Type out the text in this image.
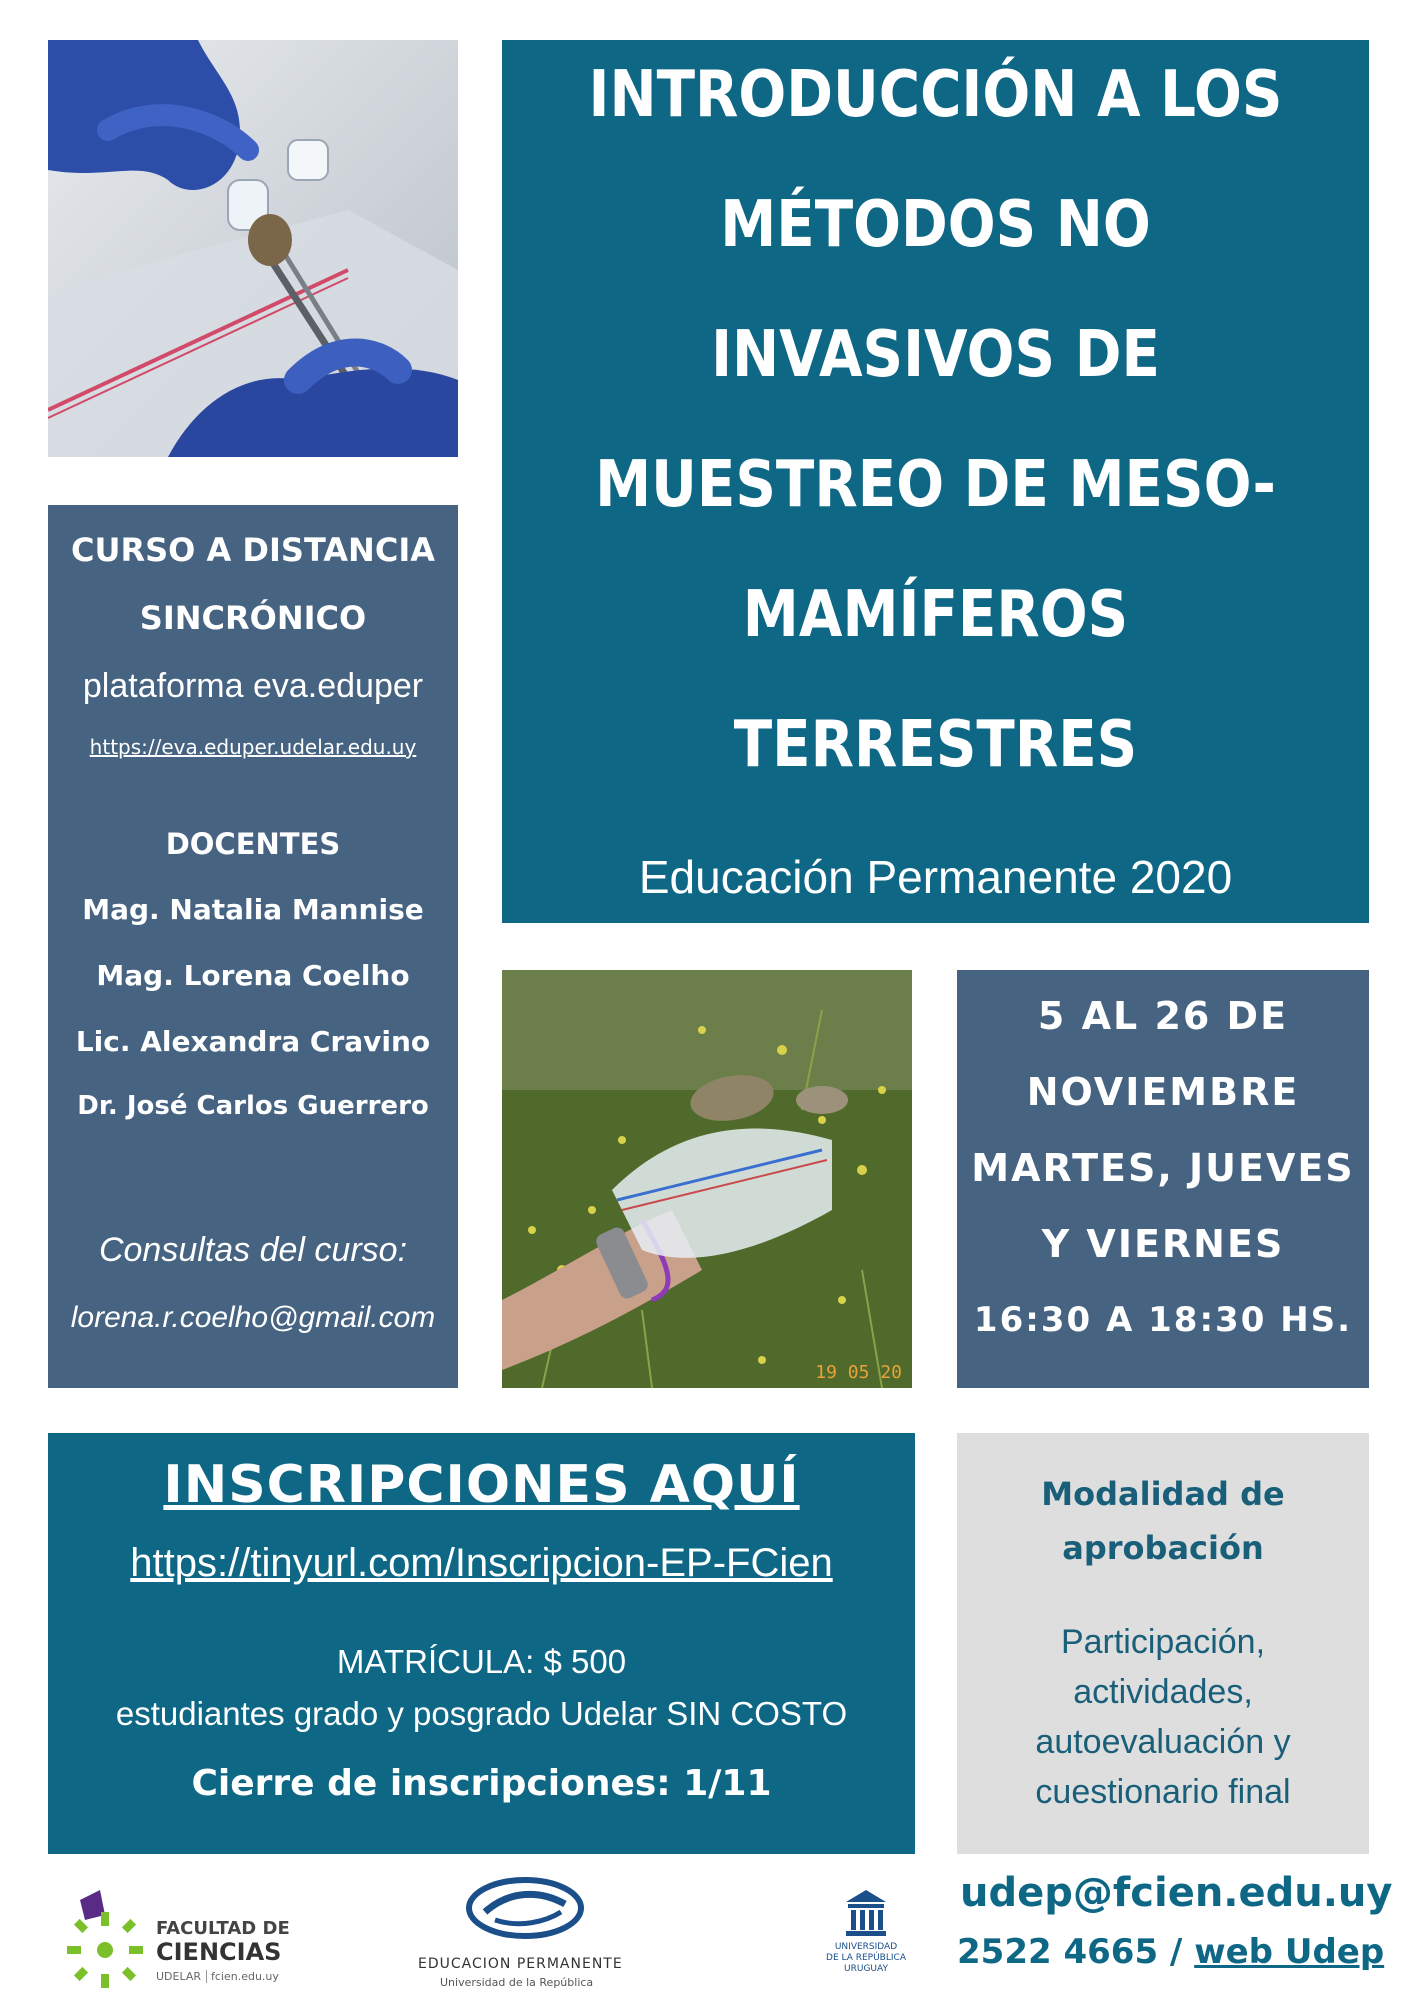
INTRODUCCIÓN A LOS
MÉTODOS NO
INVASIVOS DE
MUESTREO DE MESO-
MAMÍFEROS
TERRESTRES
Educación Permanente 2020
CURSO A DISTANCIA
SINCRÓNICO
plataforma eva.eduper
https://eva.eduper.udelar.edu.uy
DOCENTES
Mag. Natalia Mannise
Mag. Lorena Coelho
Lic. Alexandra Cravino
Dr. José Carlos Guerrero
Consultas del curso:
lorena.r.coelho@gmail.com
19 05 20
5 AL 26 DE
NOVIEMBRE
MARTES, JUEVES
Y VIERNES
16:30 A 18:30 HS.
INSCRIPCIONES AQUÍ
https://tinyurl.com/Inscripcion-EP-FCien
MATRÍCULA: $ 500
estudiantes grado y posgrado Udelar SIN COSTO
Cierre de inscripciones: 1/11
Modalidad de
aprobación
Participación,
actividades,
autoevaluación y
cuestionario final
FACULTAD DE
CIENCIAS
UDELAR fcien.edu.uy
EDUCACION PERMANENTE
Universidad de la República
UNIVERSIDAD
DE LA REPÚBLICA
URUGUAY
udep@fcien.edu.uy
2522 4665 / web Udep
